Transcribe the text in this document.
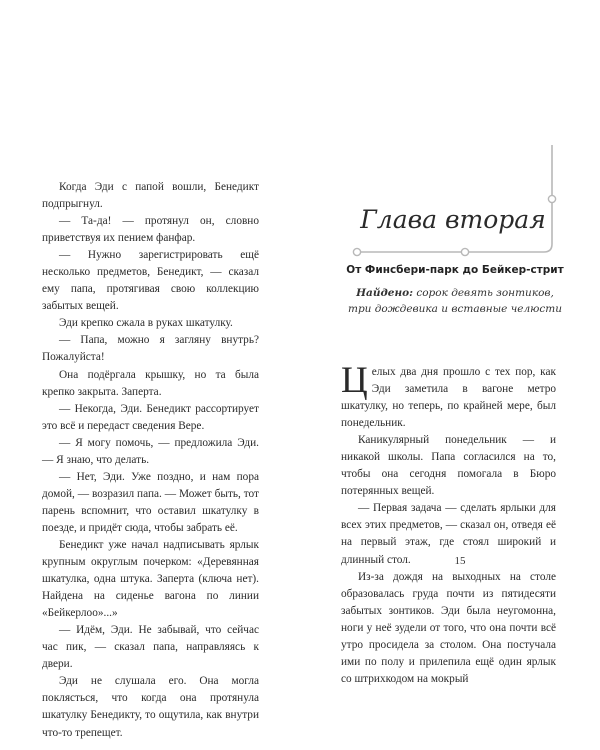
Когда Эди с папой вошли, Бенедикт подпрыгнул.

— Та-да! — протянул он, словно приветствуя их пением фанфар.

— Нужно зарегистрировать ещё несколько предметов, Бенедикт, — сказал ему папа, протягивая свою коллекцию забытых вещей.

Эди крепко сжала в руках шкатулку.

— Папа, можно я загляну внутрь? Пожалуйста!

Она подёргала крышку, но та была крепко закрыта. Заперта.

— Некогда, Эди. Бенедикт рассортирует это всё и передаст сведения Вере.

— Я могу помочь, — предложила Эди. — Я знаю, что делать.

— Нет, Эди. Уже поздно, и нам пора домой, — возразил папа. — Может быть, тот парень вспомнит, что оставил шкатулку в поезде, и придёт сюда, чтобы забрать её.

Бенедикт уже начал надписывать ярлык крупным округлым почерком: «Деревянная шкатулка, одна штука. Заперта (ключа нет). Найдена на сиденье вагона по линии «Бейкерлоо»...»

— Идём, Эди. Не забывай, что сейчас час пик, — сказал папа, направляясь к двери.

Эди не слушала его. Она могла поклясться, что когда она протянула шкатулку Бенедикту, то ощутила, как внутри что-то трепещет.

Глава вторая
От Финсбери-парк до Бейкер-стрит
Найдено: сорок девять зонтиков, три дождевика и вставные челюсти

Целых два дня прошло с тех пор, как Эди заметила в вагоне метро шкатулку, но теперь, по крайней мере, был понедельник.

Каникулярный понедельник — и никакой школы. Папа согласился на то, чтобы она сегодня помогала в Бюро потерянных вещей.

— Первая задача — сделать ярлыки для всех этих предметов, — сказал он, отведя её на первый этаж, где стоял широкий и длинный стол.

Из-за дождя на выходных на столе образовалась груда почти из пятидесяти забытых зонтиков. Эди была неугомонна, ноги у неё зудели от того, что она почти всё утро просидела за столом. Она постучала ими по полу и прилепила ещё один ярлык со штрихкодом на мокрый

15
